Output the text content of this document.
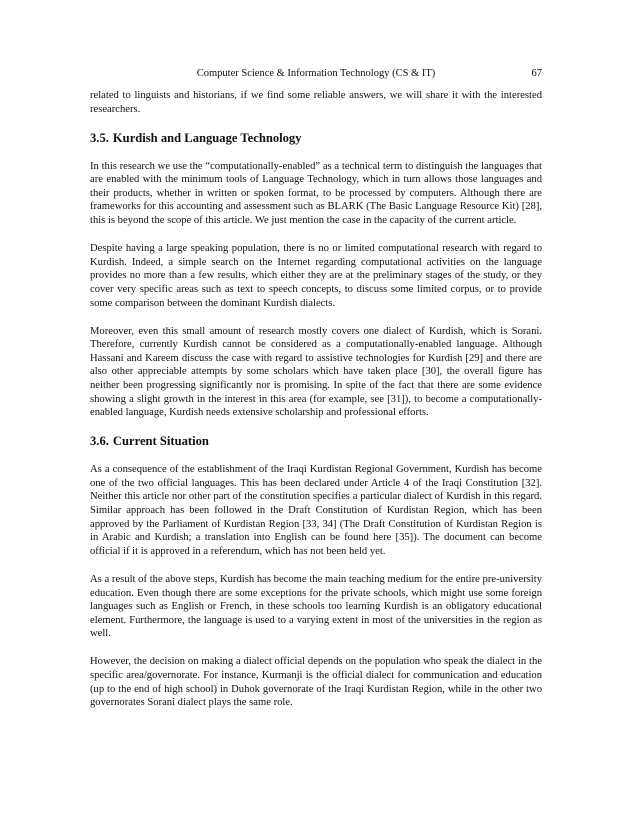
Computer Science & Information Technology (CS & IT)	67

related to linguists and historians, if we find some reliable answers, we will share it with the interested researchers.

3.5. Kurdish and Language Technology

In this research we use the “computationally-enabled” as a technical term to distinguish the languages that are enabled with the minimum tools of Language Technology, which in turn allows those languages and their products, whether in written or spoken format, to be processed by computers. Although there are frameworks for this accounting and assessment such as BLARK (The Basic Language Resource Kit) [28], this is beyond the scope of this article. We just mention the case in the capacity of the current article.

Despite having a large speaking population, there is no or limited computational research with regard to Kurdish. Indeed, a simple search on the Internet regarding computational activities on the language provides no more than a few results, which either they are at the preliminary stages of the study, or they cover very specific areas such as text to speech concepts, to discuss some limited corpus, or to provide some comparison between the dominant Kurdish dialects.

Moreover, even this small amount of research mostly covers one dialect of Kurdish, which is Sorani. Therefore, currently Kurdish cannot be considered as a computationally-enabled language. Although Hassani and Kareem discuss the case with regard to assistive technologies for Kurdish [29] and there are also other appreciable attempts by some scholars which have taken place [30], the overall figure has neither been progressing significantly nor is promising. In spite of the fact that there are some evidence showing a slight growth in the interest in this area (for example, see [31]), to become a computationally-enabled language, Kurdish needs extensive scholarship and professional efforts.

3.6. Current Situation

As a consequence of the establishment of the Iraqi Kurdistan Regional Government, Kurdish has become one of the two official languages. This has been declared under Article 4 of the Iraqi Constitution [32]. Neither this article nor other part of the constitution specifies a particular dialect of Kurdish in this regard. Similar approach has been followed in the Draft Constitution of Kurdistan Region, which has been approved by the Parliament of Kurdistan Region [33, 34] (The Draft Constitution of Kurdistan Region is in Arabic and Kurdish; a translation into English can be found here [35]). The document can become official if it is approved in a referendum, which has not been held yet.

As a result of the above steps, Kurdish has become the main teaching medium for the entire pre-university education. Even though there are some exceptions for the private schools, which might use some foreign languages such as English or French, in these schools too learning Kurdish is an obligatory educational element. Furthermore, the language is used to a varying extent in most of the universities in the region as well.

However, the decision on making a dialect official depends on the population who speak the dialect in the specific area/governorate. For instance, Kurmanji is the official dialect for communication and education (up to the end of high school) in Duhok governorate of the Iraqi Kurdistan Region, while in the other two governorates Sorani dialect plays the same role.
